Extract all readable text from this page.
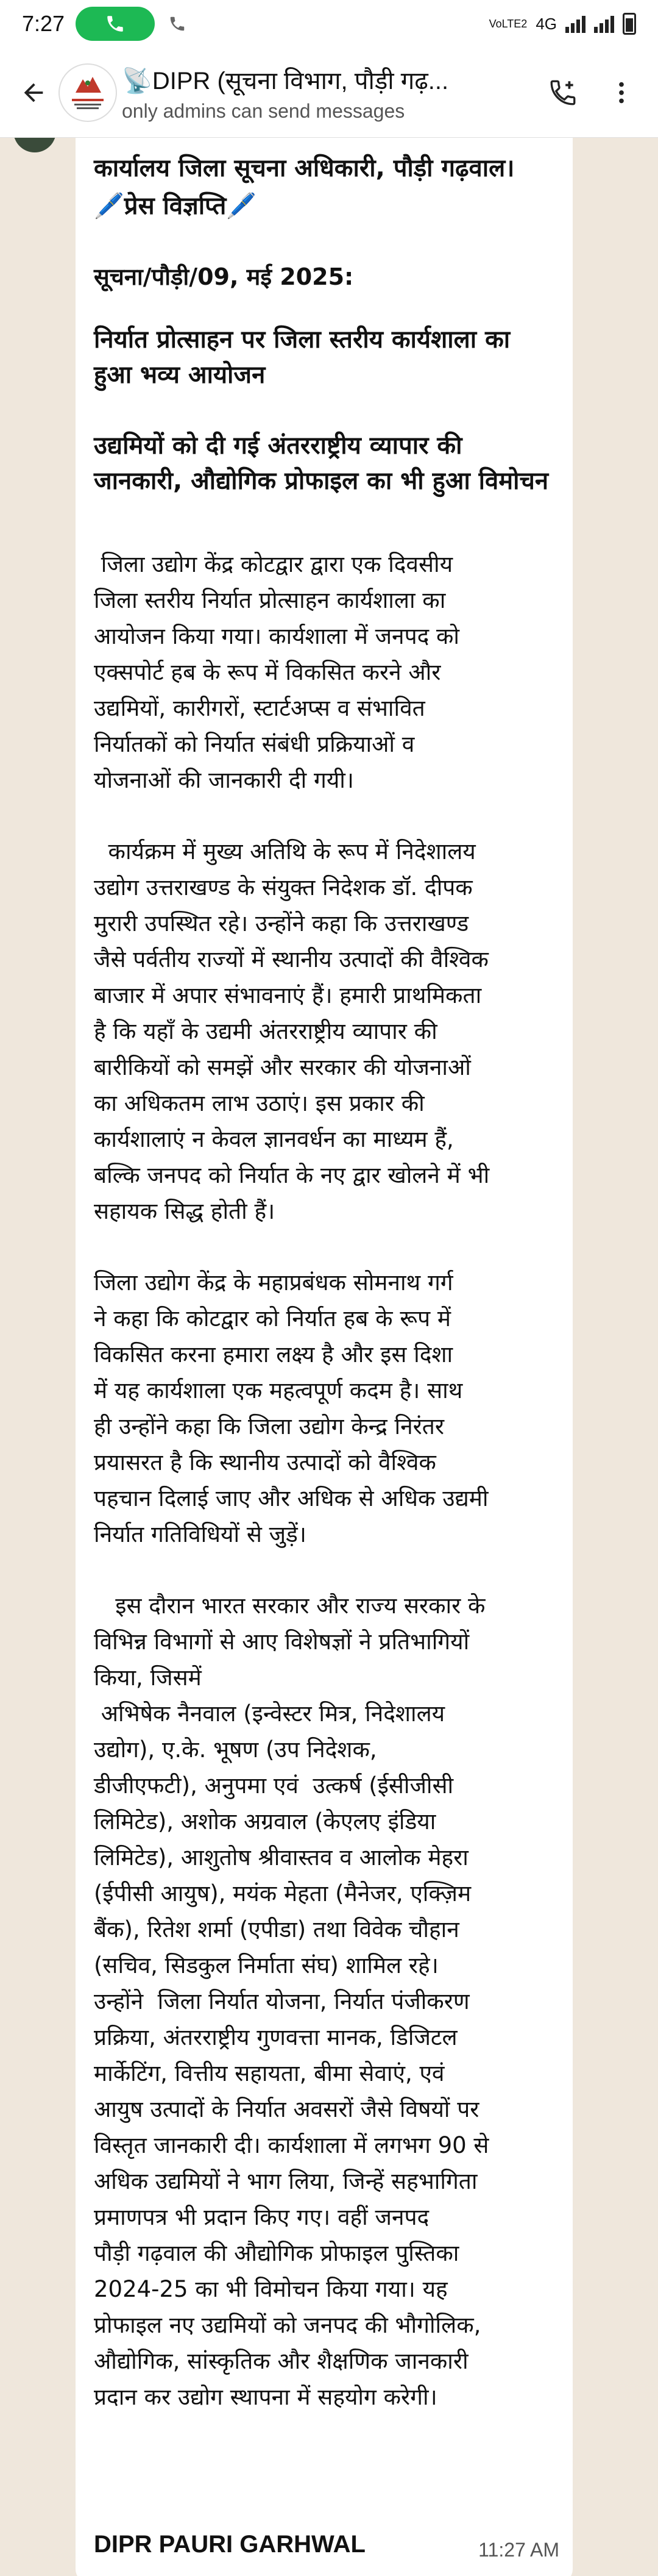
7:27	VoLTE2 4G
📡DIPR (सूचना विभाग, पौड़ी गढ़...
only admins can send messages
कार्यालय जिला सूचना अधिकारी, पौड़ी गढ़वाल।
🖊️प्रेस विज्ञप्ति🖊️
सूचना/पौड़ी/09, मई 2025:
निर्यात प्रोत्साहन पर जिला स्तरीय कार्यशाला का हुआ भव्य आयोजन
उद्यमियों को दी गई अंतरराष्ट्रीय व्यापार की जानकारी, औद्योगिक प्रोफाइल का भी हुआ विमोचन
जिला उद्योग केंद्र कोटद्वार द्वारा एक दिवसीय
जिला स्तरीय निर्यात प्रोत्साहन कार्यशाला का
आयोजन किया गया। कार्यशाला में जनपद को
एक्सपोर्ट हब के रूप में विकसित करने और
उद्यमियों, कारीगरों, स्टार्टअप्स व संभावित
निर्यातकों को निर्यात संबंधी प्रक्रियाओं व
योजनाओं की जानकारी दी गयी।
कार्यक्रम में मुख्य अतिथि के रूप में निदेशालय
उद्योग उत्तराखण्ड के संयुक्त निदेशक डॉ. दीपक
मुरारी उपस्थित रहे। उन्होंने कहा कि उत्तराखण्ड
जैसे पर्वतीय राज्यों में स्थानीय उत्पादों की वैश्विक
बाजार में अपार संभावनाएं हैं। हमारी प्राथमिकता
है कि यहाँ के उद्यमी अंतरराष्ट्रीय व्यापार की
बारीकियों को समझें और सरकार की योजनाओं
का अधिकतम लाभ उठाएं। इस प्रकार की
कार्यशालाएं न केवल ज्ञानवर्धन का माध्यम हैं,
बल्कि जनपद को निर्यात के नए द्वार खोलने में भी
सहायक सिद्ध होती हैं।
जिला उद्योग केंद्र के महाप्रबंधक सोमनाथ गर्ग
ने कहा कि कोटद्वार को निर्यात हब के रूप में
विकसित करना हमारा लक्ष्य है और इस दिशा
में यह कार्यशाला एक महत्वपूर्ण कदम है। साथ
ही उन्होंने कहा कि जिला उद्योग केन्द्र निरंतर
प्रयासरत है कि स्थानीय उत्पादों को वैश्विक
पहचान दिलाई जाए और अधिक से अधिक उद्यमी
निर्यात गतिविधियों से जुड़ें।
इस दौरान भारत सरकार और राज्य सरकार के
विभिन्न विभागों से आए विशेषज्ञों ने प्रतिभागियों
किया, जिसमें
अभिषेक नैनवाल (इन्वेस्टर मित्र, निदेशालय
उद्योग), ए.के. भूषण (उप निदेशक,
डीजीएफटी), अनुपमा एवं  उत्कर्ष (ईसीजीसी
लिमिटेड), अशोक अग्रवाल (केएलए इंडिया
लिमिटेड), आशुतोष श्रीवास्तव व आलोक मेहरा
(ईपीसी आयुष), मयंक मेहता (मैनेजर, एक्ज़िम
बैंक), रितेश शर्मा (एपीडा) तथा विवेक चौहान
(सचिव, सिडकुल निर्माता संघ) शामिल रहे।
उन्होंने  जिला निर्यात योजना, निर्यात पंजीकरण
प्रक्रिया, अंतरराष्ट्रीय गुणवत्ता मानक, डिजिटल
मार्केटिंग, वित्तीय सहायता, बीमा सेवाएं, एवं
आयुष उत्पादों के निर्यात अवसरों जैसे विषयों पर
विस्तृत जानकारी दी। कार्यशाला में लगभग 90 से
अधिक उद्यमियों ने भाग लिया, जिन्हें सहभागिता
प्रमाणपत्र भी प्रदान किए गए। वहीं जनपद
पौड़ी गढ़वाल की औद्योगिक प्रोफाइल पुस्तिका
2024-25 का भी विमोचन किया गया। यह
प्रोफाइल नए उद्यमियों को जनपद की भौगोलिक,
औद्योगिक, सांस्कृतिक और शैक्षणिक जानकारी
प्रदान कर उद्योग स्थापना में सहयोग करेगी।
DIPR PAURI GARHWAL	11:27 AM
